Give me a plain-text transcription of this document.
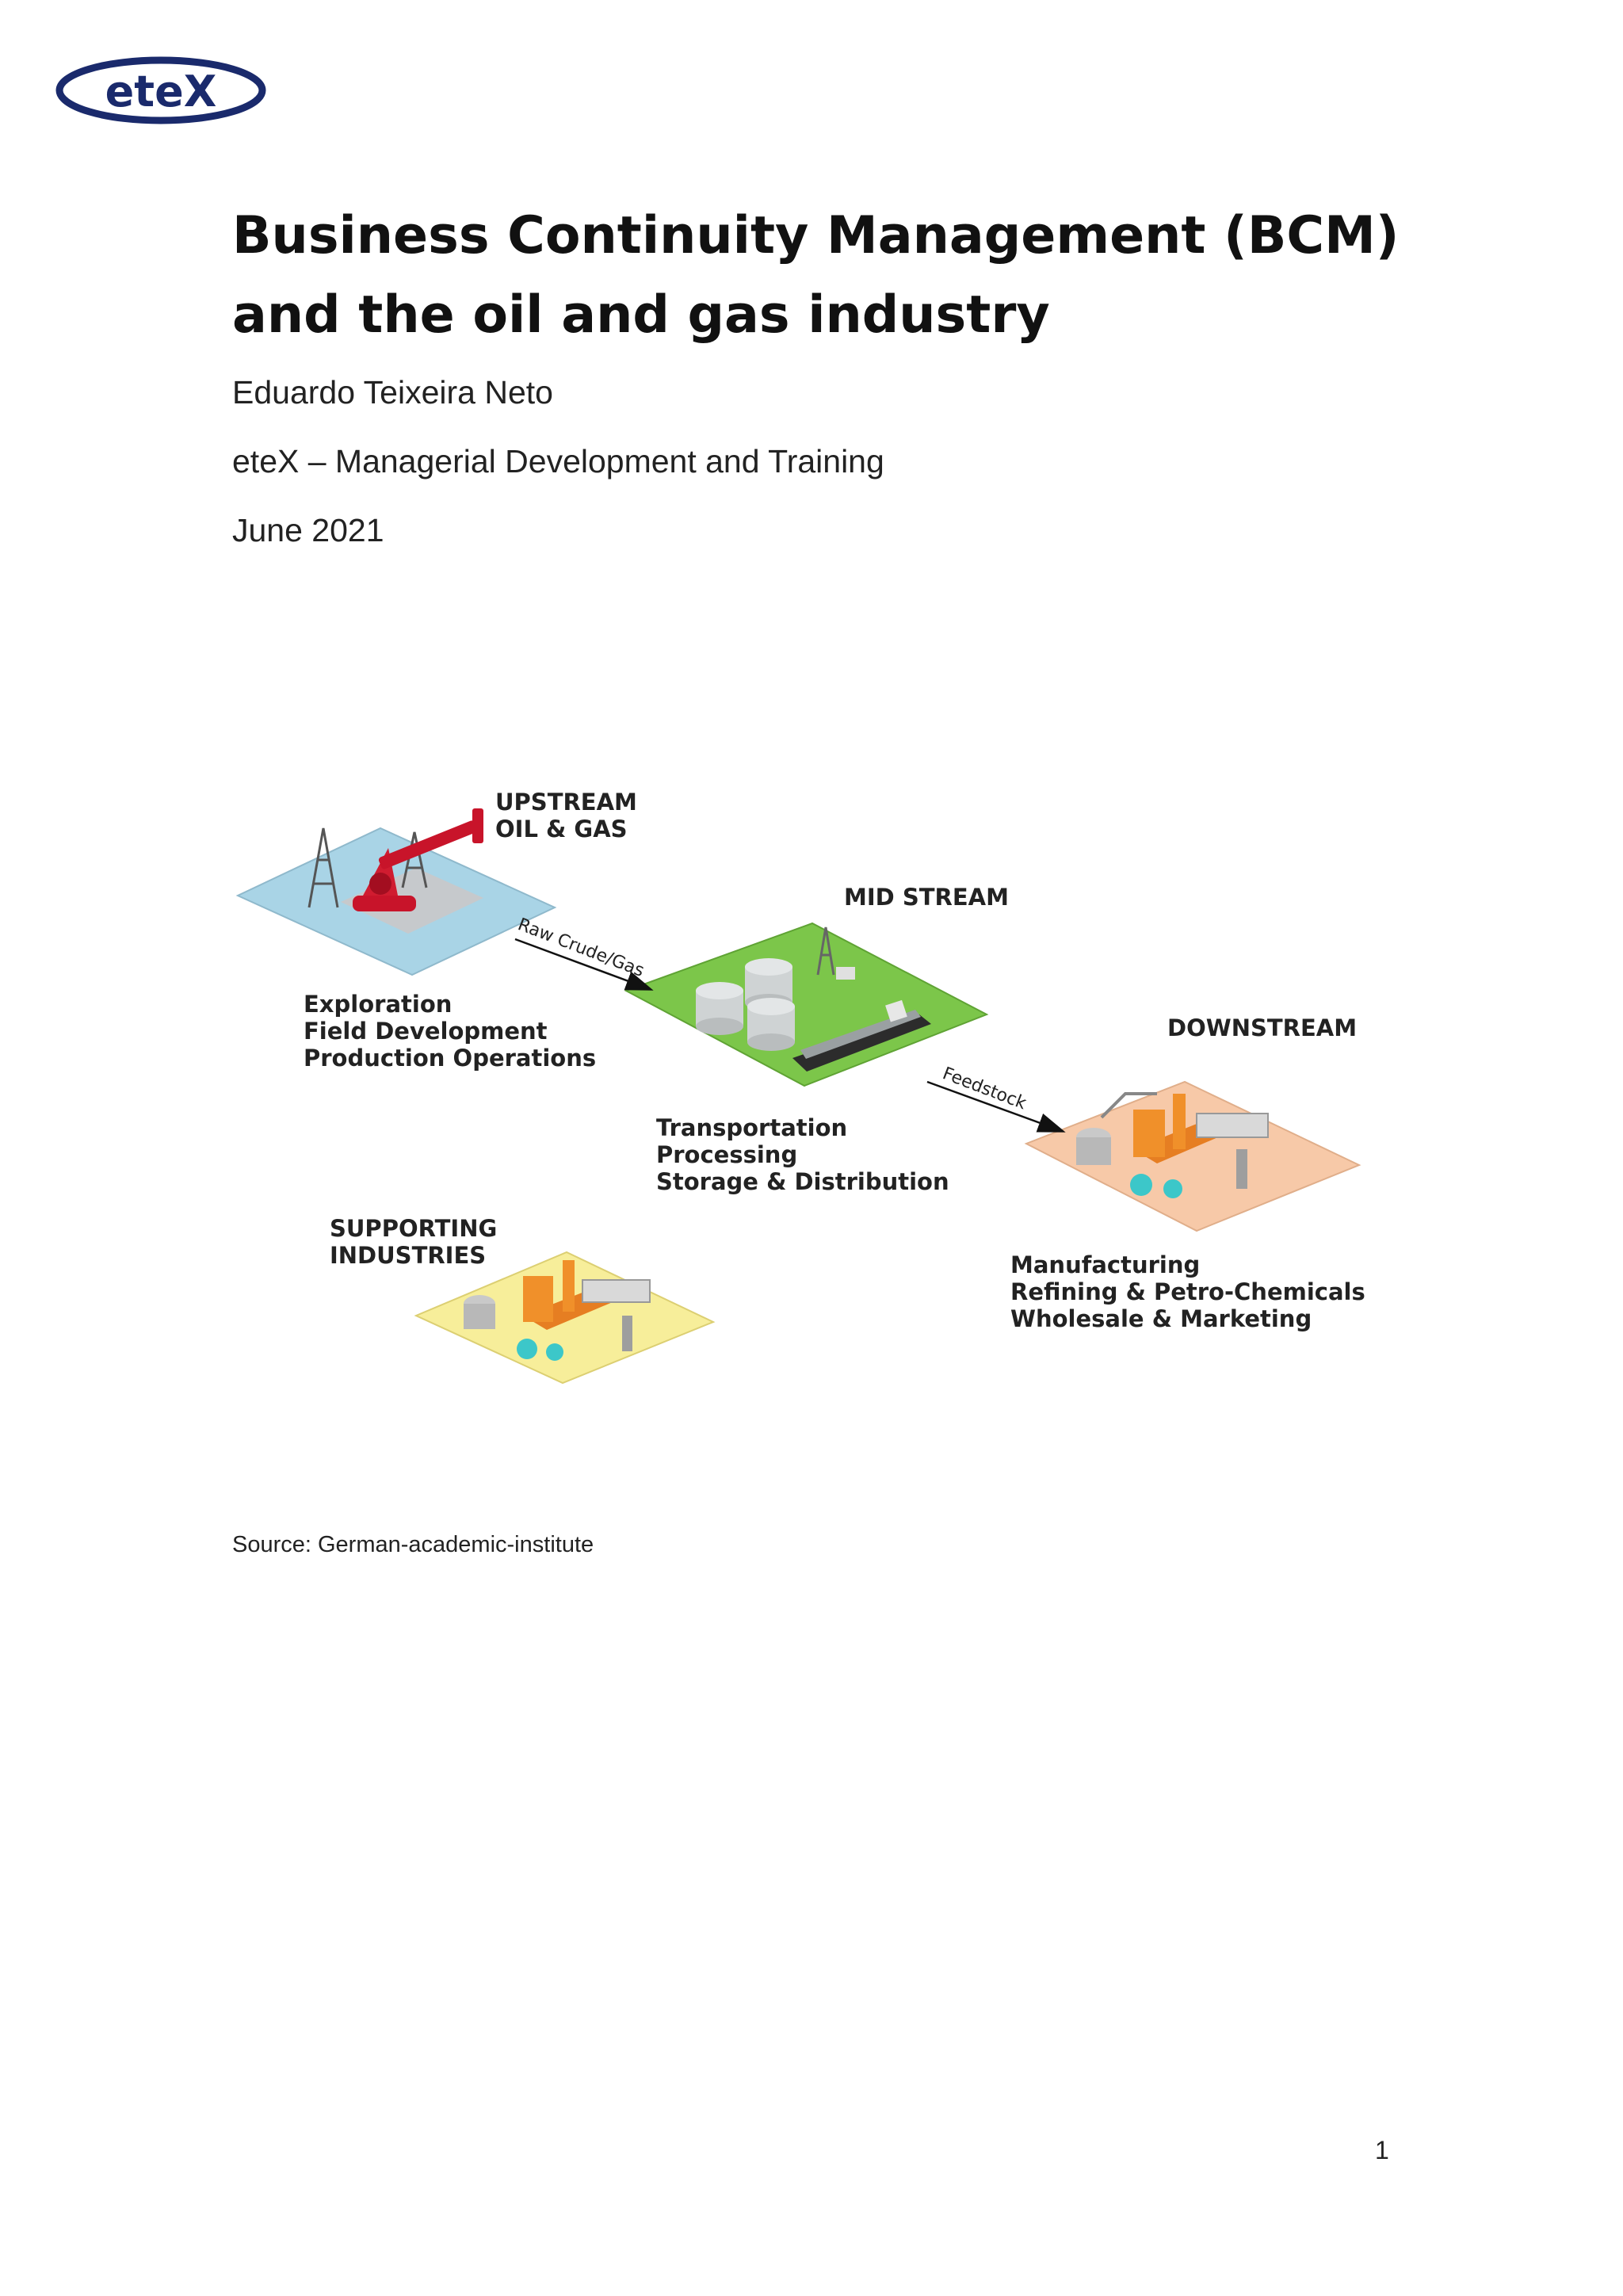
eteX
Business Continuity Management (BCM) and the oil and gas industry

Eduardo Teixeira Neto

eteX – Managerial Development and Training

June 2021

Raw Crude/Gas
Feedstock
UPSTREAM
OIL & GAS
Exploration
Field Development
Production Operations
MID STREAM
Transportation
Processing
Storage & Distribution
DOWNSTREAM
Manufacturing
Refining & Petro-Chemicals
Wholesale & Marketing
SUPPORTING
INDUSTRIES

Source: German-academic-institute

1
